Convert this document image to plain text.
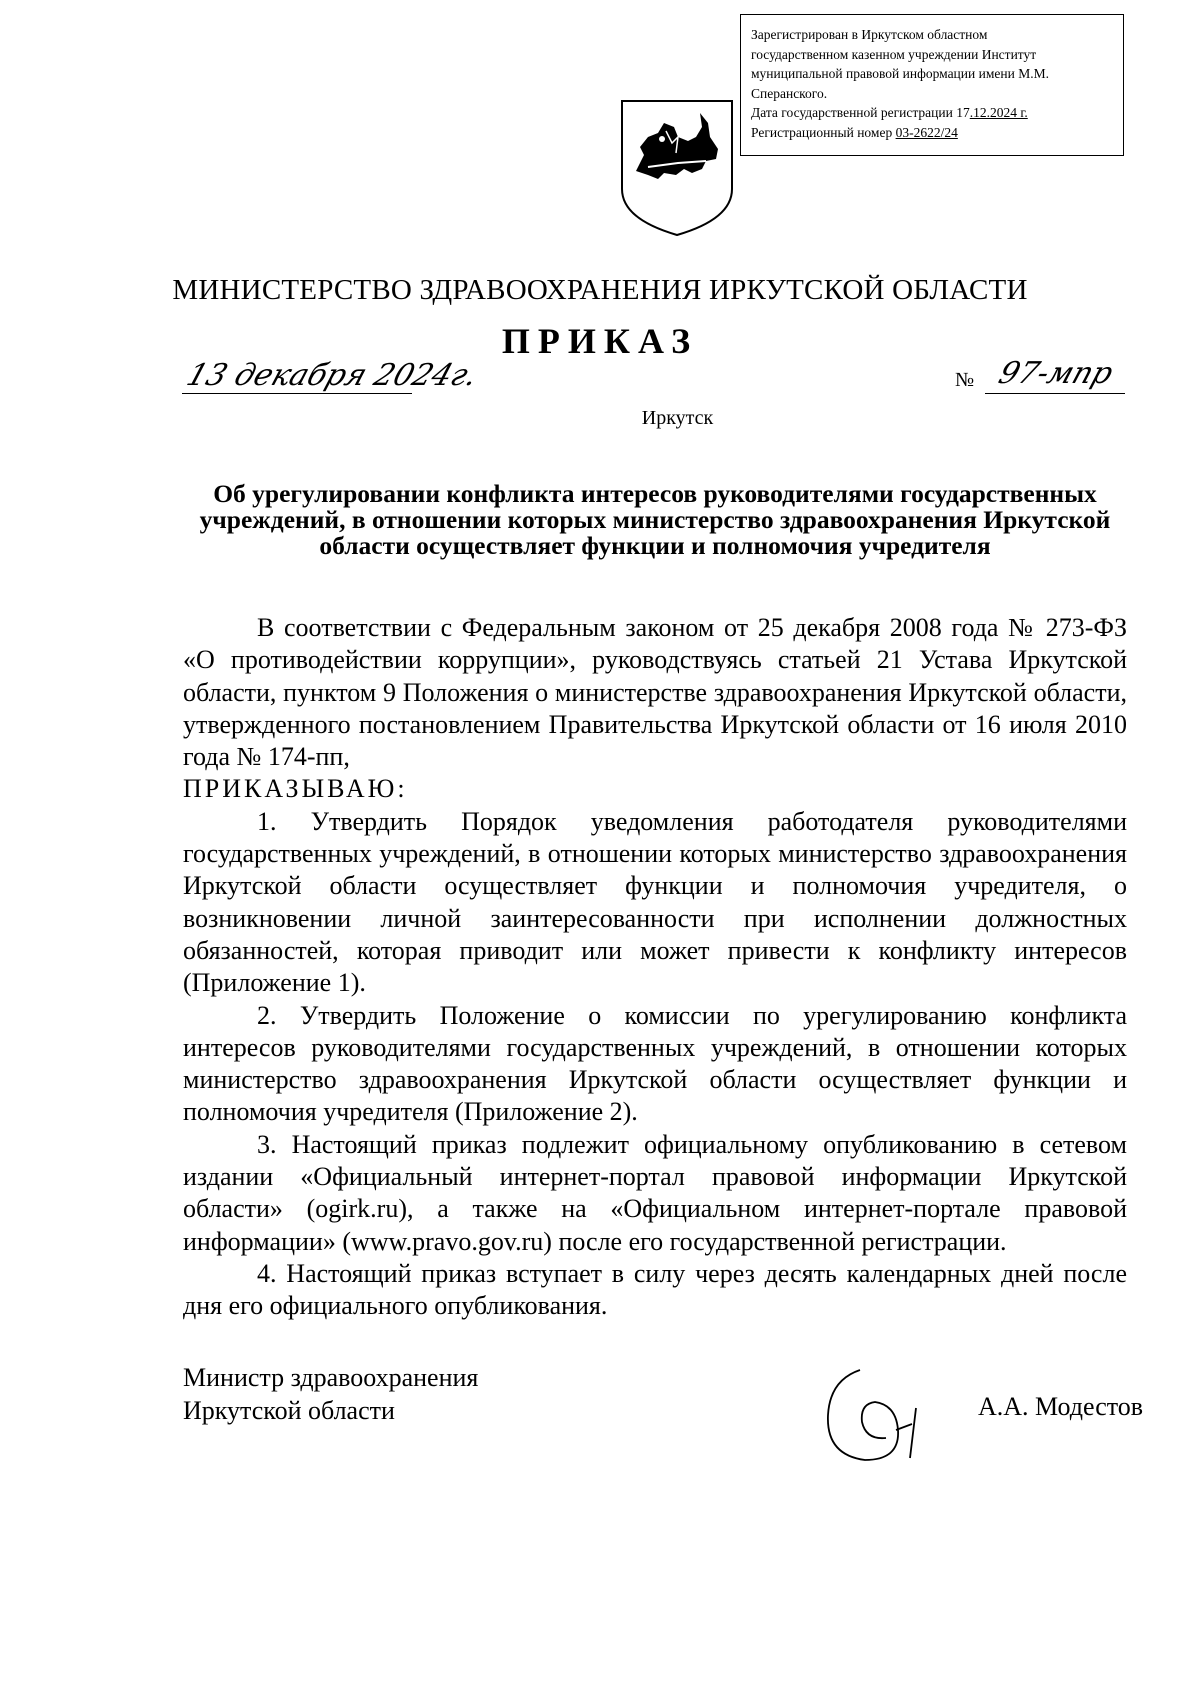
Зарегистрирован в Иркутском областном
государственном казенном учреждении Институт
муниципальной правовой информации имени М.М.
Сперанского.
Дата государственной регистрации 17.12.2024 г.
Регистрационный номер 03-2622/24
МИНИСТЕРСТВО ЗДРАВООХРАНЕНИЯ ИРКУТСКОЙ ОБЛАСТИ
ПРИКАЗ
13 декабря 2024г.	№ 97-мпр
Иркутск
Об урегулировании конфликта интересов руководителями государственных учреждений, в отношении которых министерство здравоохранения Иркутской области осуществляет функции и полномочия учредителя

В соответствии с Федеральным законом от 25 декабря 2008 года № 273-ФЗ «О противодействии коррупции», руководствуясь статьей 21 Устава Иркутской области, пунктом 9 Положения о министерстве здравоохранения Иркутской области, утвержденного постановлением Правительства Иркутской области от 16 июля 2010 года № 174-пп,

ПРИКАЗЫВАЮ:

1. Утвердить Порядок уведомления работодателя руководителями государственных учреждений, в отношении которых министерство здравоохранения Иркутской области осуществляет функции и полномочия учредителя, о возникновении личной заинтересованности при исполнении должностных обязанностей, которая приводит или может привести к конфликту интересов (Приложение 1).

2. Утвердить Положение о комиссии по урегулированию конфликта интересов руководителями государственных учреждений, в отношении которых министерство здравоохранения Иркутской области осуществляет функции и полномочия учредителя (Приложение 2).

3. Настоящий приказ подлежит официальному опубликованию в сетевом издании «Официальный интернет-портал правовой информации Иркутской области» (ogirk.ru), а также на «Официальном интернет-портале правовой информации» (www.pravo.gov.ru) после его государственной регистрации.

4. Настоящий приказ вступает в силу через десять календарных дней после дня его официального опубликования.

Министр здравоохранения
Иркутской области	А.А. Модестов
